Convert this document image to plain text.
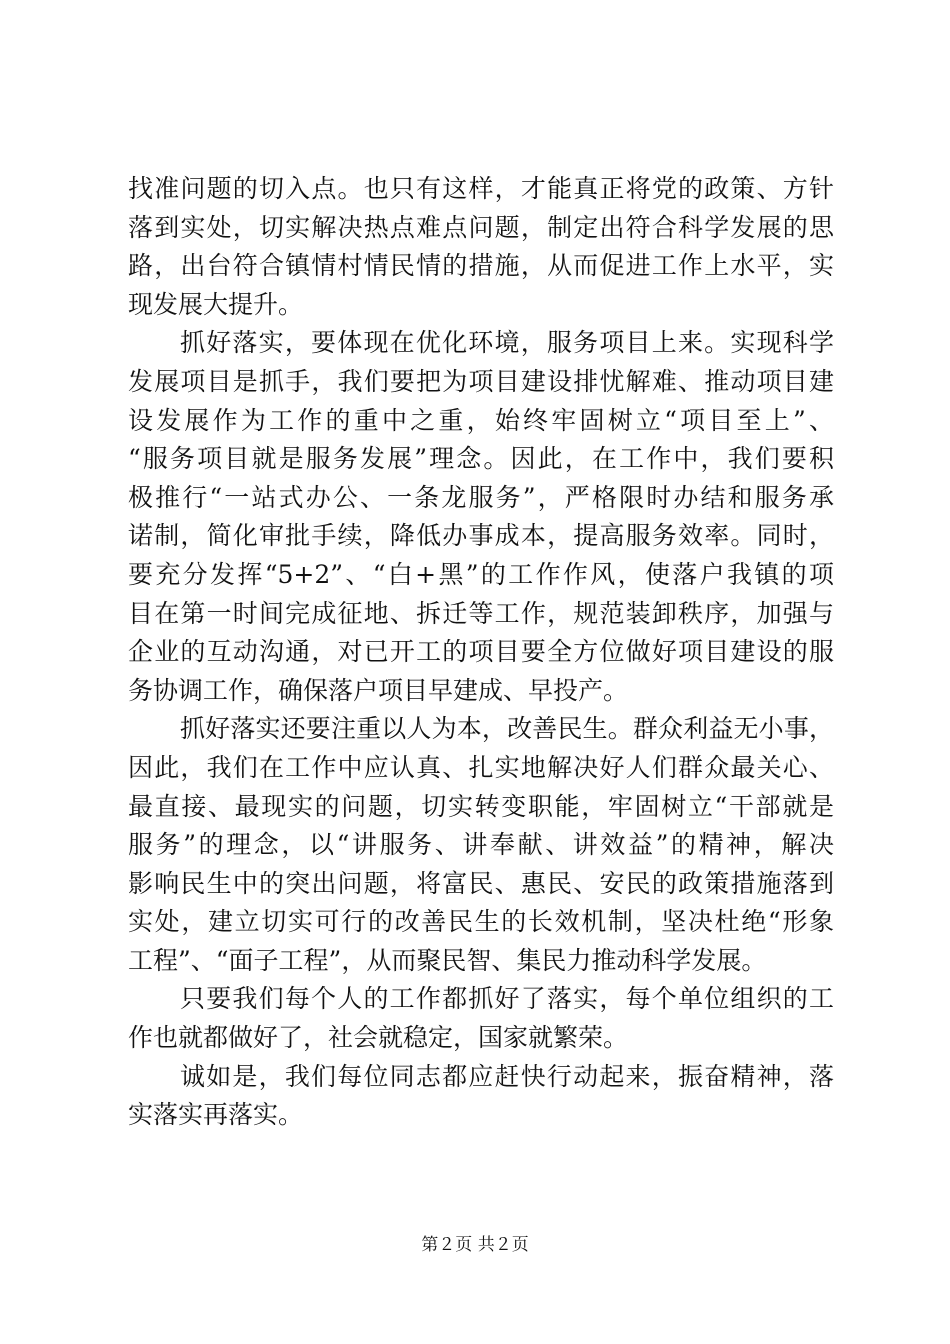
找准问题的切入点。也只有这样，才能真正将党的政策、方针
落到实处，切实解决热点难点问题，制定出符合科学发展的思
路，出台符合镇情村情民情的措施，从而促进工作上水平，实
现发展大提升。
抓好落实，要体现在优化环境，服务项目上来。实现科学
发展项目是抓手，我们要把为项目建设排忧解难、推动项目建
设发展作为工作的重中之重，始终牢固树立“项目至上”、
“服务项目就是服务发展”理念。因此，在工作中，我们要积
极推行“一站式办公、一条龙服务”，严格限时办结和服务承
诺制，简化审批手续，降低办事成本，提高服务效率。同时，
要充分发挥“5+2”、“白+黑”的工作作风，使落户我镇的项
目在第一时间完成征地、拆迁等工作，规范装卸秩序，加强与
企业的互动沟通，对已开工的项目要全方位做好项目建设的服
务协调工作，确保落户项目早建成、早投产。
抓好落实还要注重以人为本，改善民生。群众利益无小事，
因此，我们在工作中应认真、扎实地解决好人们群众最关心、
最直接、最现实的问题，切实转变职能，牢固树立“干部就是
服务”的理念，以“讲服务、讲奉献、讲效益”的精神，解决
影响民生中的突出问题，将富民、惠民、安民的政策措施落到
实处，建立切实可行的改善民生的长效机制，坚决杜绝“形象
工程”、“面子工程”，从而聚民智、集民力推动科学发展。
只要我们每个人的工作都抓好了落实，每个单位组织的工
作也就都做好了，社会就稳定，国家就繁荣。
诚如是，我们每位同志都应赶快行动起来，振奋精神，落
实落实再落实。
第２页 共２页
